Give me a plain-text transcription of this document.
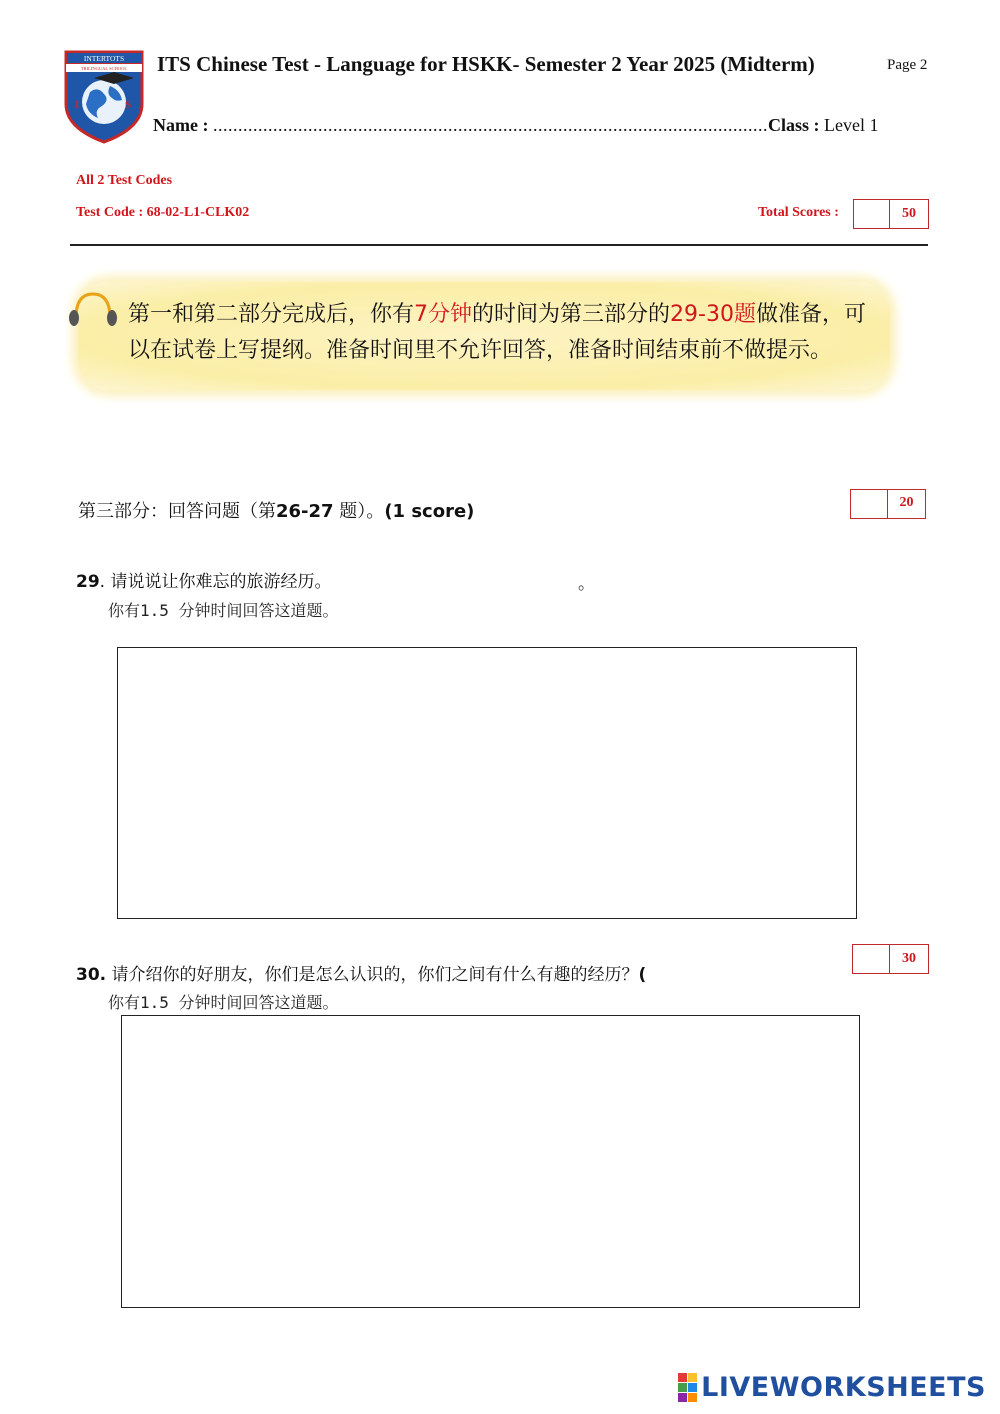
I	S
INTERTOTS
TRILINGUAL SCHOOL ITS Chinese Test - Language for HSKK- Semester 2 Year 2025 (Midterm)	Page 2
Name : ...............................................................................................................Class : Level 1
All 2 Test Codes
Test Code : 68-02-L1-CLK02	Total Scores :	50
第一和第二部分完成后，你有7分钟的时间为第三部分的29-30题做准备，可
以在试卷上写提纲。准备时间里不允许回答，准备时间结束前不做提示。
第三部分：回答问题（第26-27 题）。(1 score)	20
29. 请说说让你难忘的旅游经历。	。
你有1.5 分钟时间回答这道题。
30. 请介绍你的好朋友，你们是怎么认识的，你们之间有什么有趣的经历？(
30
你有1.5 分钟时间回答这道题。
LIVEWORKSHEETS
